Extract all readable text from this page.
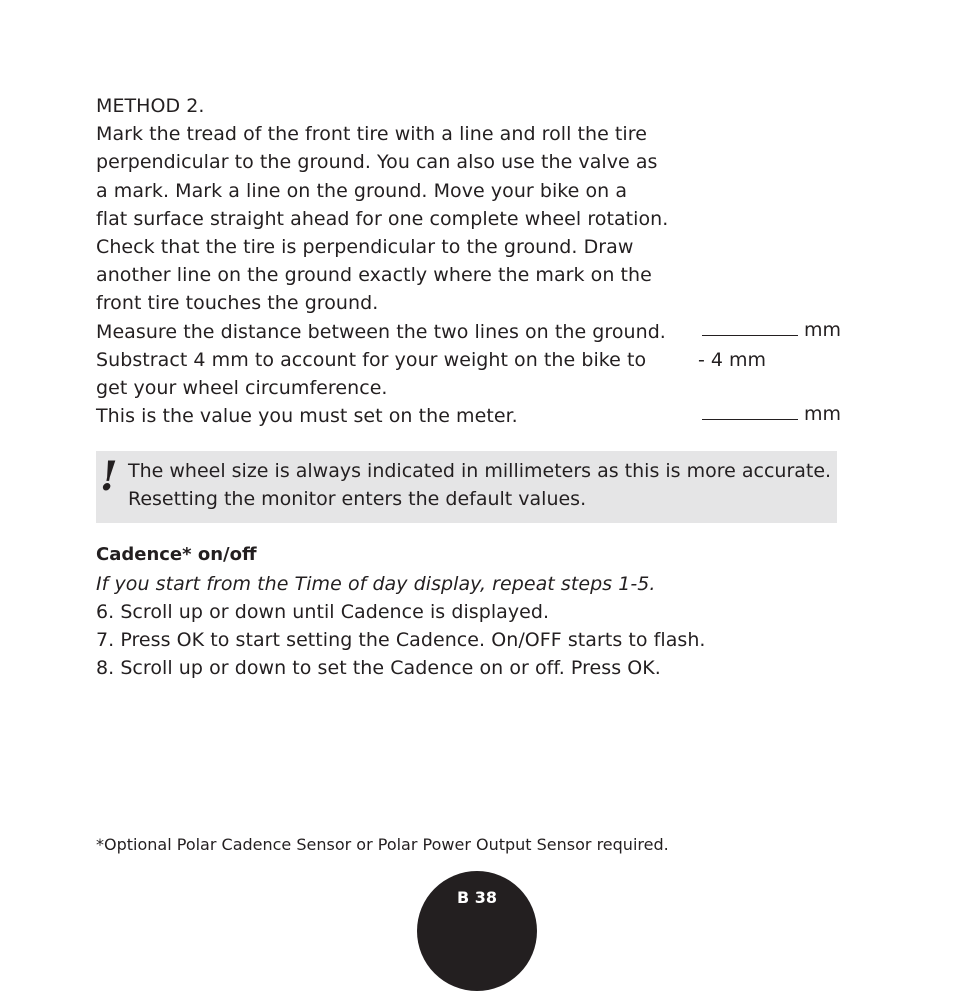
METHOD 2.
Mark the tread of the front tire with a line and roll the tire
perpendicular to the ground. You can also use the valve as
a mark. Mark a line on the ground. Move your bike on a
flat surface straight ahead for one complete wheel rotation.
Check that the tire is perpendicular to the ground. Draw
another line on the ground exactly where the mark on the
front tire touches the ground.
Measure the distance between the two lines on the ground.
Substract 4 mm to account for your weight on the bike to
get your wheel circumference.
This is the value you must set on the meter.
mm
- 4 mm
mm
! The wheel size is always indicated in millimeters as this is more accurate.
Resetting the monitor enters the default values.
Cadence* on/off
If you start from the Time of day display, repeat steps 1-5.
6. Scroll up or down until Cadence is displayed.
7. Press OK to start setting the Cadence. On/OFF starts to flash.
8. Scroll up or down to set the Cadence on or off. Press OK.
*Optional Polar Cadence Sensor or Polar Power Output Sensor required.
B 38
